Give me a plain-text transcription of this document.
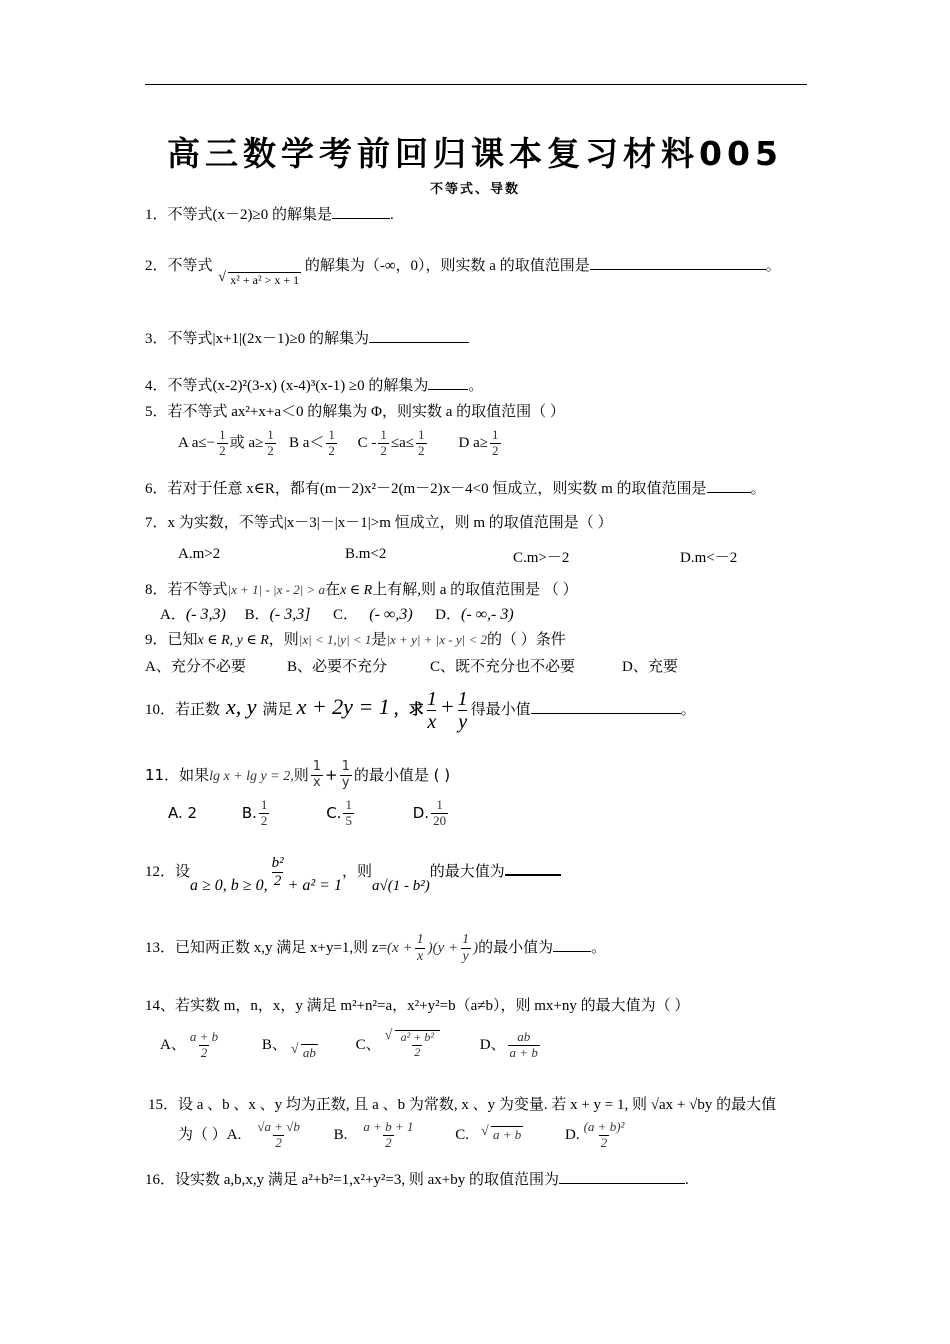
高三数学考前回归课本复习材料005
不等式、导数
1．不等式(x－2)≥0 的解集是	.
2．不等式 √ x² + a² > x + 1 的解集为（-∞，0），则实数 a 的取值范围是	。
3．不等式|x+1|(2x－1)≥0 的解集为
4．不等式(x-2)²(3-x) (x-4)³(x-1) ≥0 的解集为	。
5．若不等式 ax²+x+a＜0 的解集为 Φ，则实数 a 的取值范围（ ）
A $a\le- \frac{1}{2}$ 或 $a\ge \frac{1}{2}$ B $a< \frac{1}{2}$ $C - \frac{1}{2} \le a\le \frac{1}{2}$ D $a\ge \frac{1}{2}$
6．若对于任意 x∈R，都有(m－2)x²－2(m－2)x－4<0 恒成立，则实数 m 的取值范围是	。
7．x 为实数，不等式|x－3|－|x－1|>m 恒成立，则 m 的取值范围是（ ）
A.m>2	B.m<2	C.m>－2	D.m<－2
8．若不等式|x + 1| - |x - 2| > a在x ∈ R上有解,则 a 的取值范围是 （ ）
A．(- 3,3) B．(- 3,3] C． (- ∞,3) D．(- ∞,- 3)
9．已知x ∈ R, y ∈ R，则|x| < 1,|y| < 1是|x + y| + |x - y| < 2的（ ）条件
A、充分不必要	B、必要不充分	C、既不充分也不必要	D、充要
10．若正数 x, y 满足 x + 2y = 1 ，求 $\frac{1}{x} + \frac{1}{y}$ 得最小值	。
11．如果lg x + lg y = 2,则 $\frac{1}{x} + \frac{1}{y}$ 的最小值是 ( )
A. 2	B. $\frac{1}{2}$	C. $\frac{1}{5}$	D. $\frac{1}{20}$
12．设a ≥ 0, b ≥ 0, $\frac{\text{b²}}{2} + a^2 = 1$，则a√(1 - b²)的最大值为
13．已知两正数 x,y 满足 x+y=1,则 $z=(x + \frac{1}{x} )(y + \frac{1}{y}$ )的最小值为	。
14、若实数 m，n，x，y 满足 m²+n²=a，x²+y²=b（a≠b），则 mx+ny 的最大值为（ ）
A、 $\frac{a + b}{2}$	B、 √ ab	C、 √ $\frac{\text{a² + b²}}{2}$	D、 $\frac{ab}{a + b}$
15．设 a 、b 、x 、y 均为正数, 且 a 、b 为常数, x 、y 为变量. 若 x + y = 1, 则 √ax + √by 的最大值
为（ ）A. $\frac{√a + √b}{2} B$. $\frac{a + b + 1}{2}$	C. √ a + b	D. $\frac{\text{(a + b)²}}{2}$
16．设实数 a,b,x,y 满足 a²+b²=1,x²+y²=3, 则 ax+by 的取值范围为	.
